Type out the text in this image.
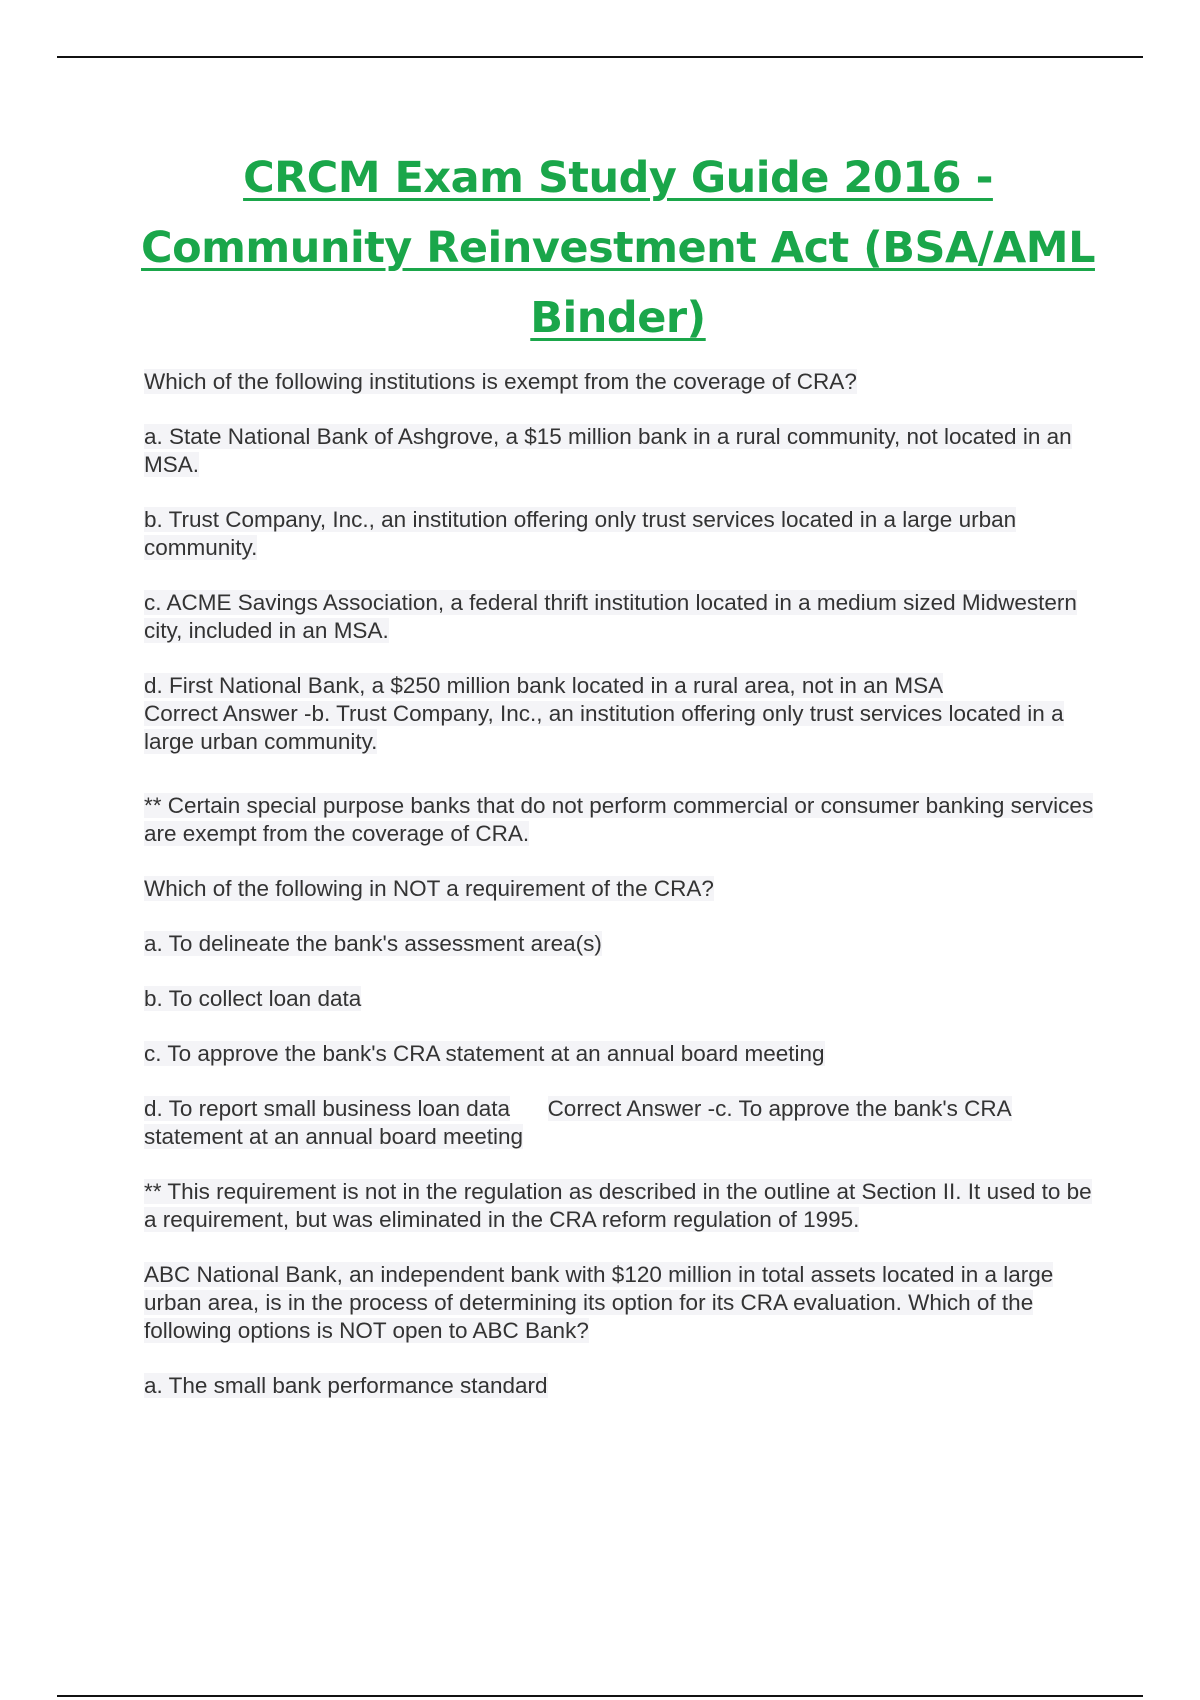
CRCM Exam Study Guide 2016 -
Community Reinvestment Act (BSA/AML
Binder)

Which of the following institutions is exempt from the coverage of CRA?

a. State National Bank of Ashgrove, a $15 million bank in a rural community, not located in an MSA.

b. Trust Company, Inc., an institution offering only trust services located in a large urban community.

c. ACME Savings Association, a federal thrift institution located in a medium sized Midwestern city, included in an MSA.

d. First National Bank, a $250 million bank located in a rural area, not in an MSA
Correct Answer -b. Trust Company, Inc., an institution offering only trust services located in a large urban community.

** Certain special purpose banks that do not perform commercial or consumer banking services are exempt from the coverage of CRA.

Which of the following in NOT a requirement of the CRA?

a. To delineate the bank's assessment area(s)

b. To collect loan data

c. To approve the bank's CRA statement at an annual board meeting

d. To report small business loan data Correct Answer -c. To approve the bank's CRA statement at an annual board meeting

** This requirement is not in the regulation as described in the outline at Section II. It used to be a requirement, but was eliminated in the CRA reform regulation of 1995.

ABC National Bank, an independent bank with $120 million in total assets located in a large urban area, is in the process of determining its option for its CRA evaluation. Which of the following options is NOT open to ABC Bank?

a. The small bank performance standard
